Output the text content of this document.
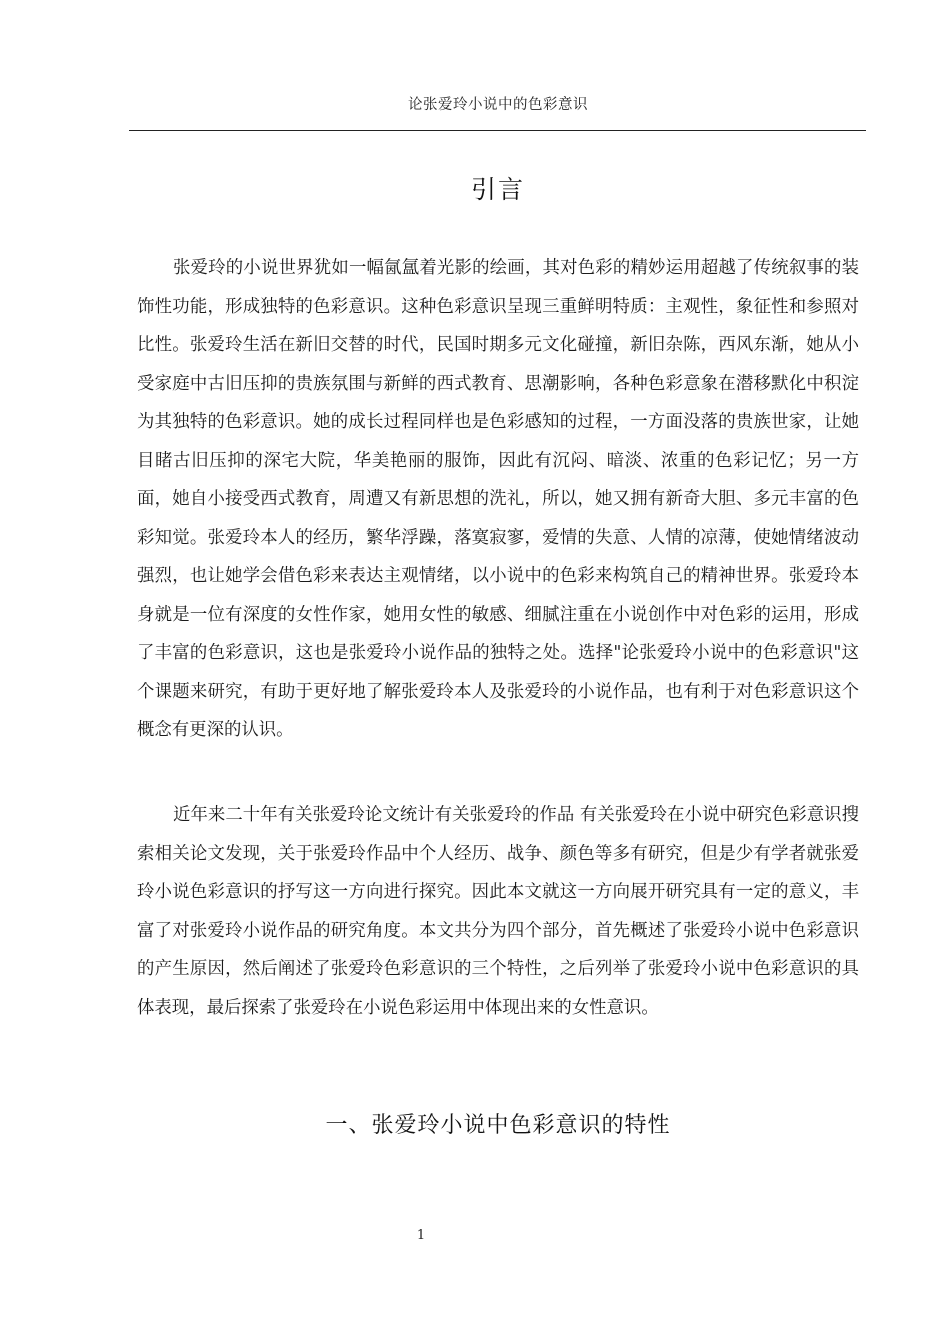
论张爱玲小说中的色彩意识
引言

张爱玲的小说世界犹如一幅氤氲着光影的绘画，其对色彩的精妙运用超越了传统叙事的装饰性功能，形成独特的色彩意识。这种色彩意识呈现三重鲜明特质：主观性，象征性和参照对比性。张爱玲生活在新旧交替的时代，民国时期多元文化碰撞，新旧杂陈，西风东渐，她从小受家庭中古旧压抑的贵族氛围与新鲜的西式教育、思潮影响，各种色彩意象在潜移默化中积淀为其独特的色彩意识。她的成长过程同样也是色彩感知的过程，一方面没落的贵族世家，让她目睹古旧压抑的深宅大院，华美艳丽的服饰，因此有沉闷、暗淡、浓重的色彩记忆；另一方面，她自小接受西式教育，周遭又有新思想的洗礼，所以，她又拥有新奇大胆、多元丰富的色彩知觉。张爱玲本人的经历，繁华浮躁，落寞寂寥，爱情的失意、人情的凉薄，使她情绪波动强烈，也让她学会借色彩来表达主观情绪，以小说中的色彩来构筑自己的精神世界。张爱玲本身就是一位有深度的女性作家，她用女性的敏感、细腻注重在小说创作中对色彩的运用，形成了丰富的色彩意识，这也是张爱玲小说作品的独特之处。选择"论张爱玲小说中的色彩意识"这个课题来研究，有助于更好地了解张爱玲本人及张爱玲的小说作品，也有利于对色彩意识这个概念有更深的认识。

近年来二十年有关张爱玲论文统计有关张爱玲的作品 有关张爱玲在小说中研究色彩意识搜索相关论文发现，关于张爱玲作品中个人经历、战争、颜色等多有研究，但是少有学者就张爱玲小说色彩意识的抒写这一方向进行探究。因此本文就这一方向展开研究具有一定的意义，丰富了对张爱玲小说作品的研究角度。本文共分为四个部分，首先概述了张爱玲小说中色彩意识的产生原因，然后阐述了张爱玲色彩意识的三个特性，之后列举了张爱玲小说中色彩意识的具体表现，最后探索了张爱玲在小说色彩运用中体现出来的女性意识。

一、张爱玲小说中色彩意识的特性
1
